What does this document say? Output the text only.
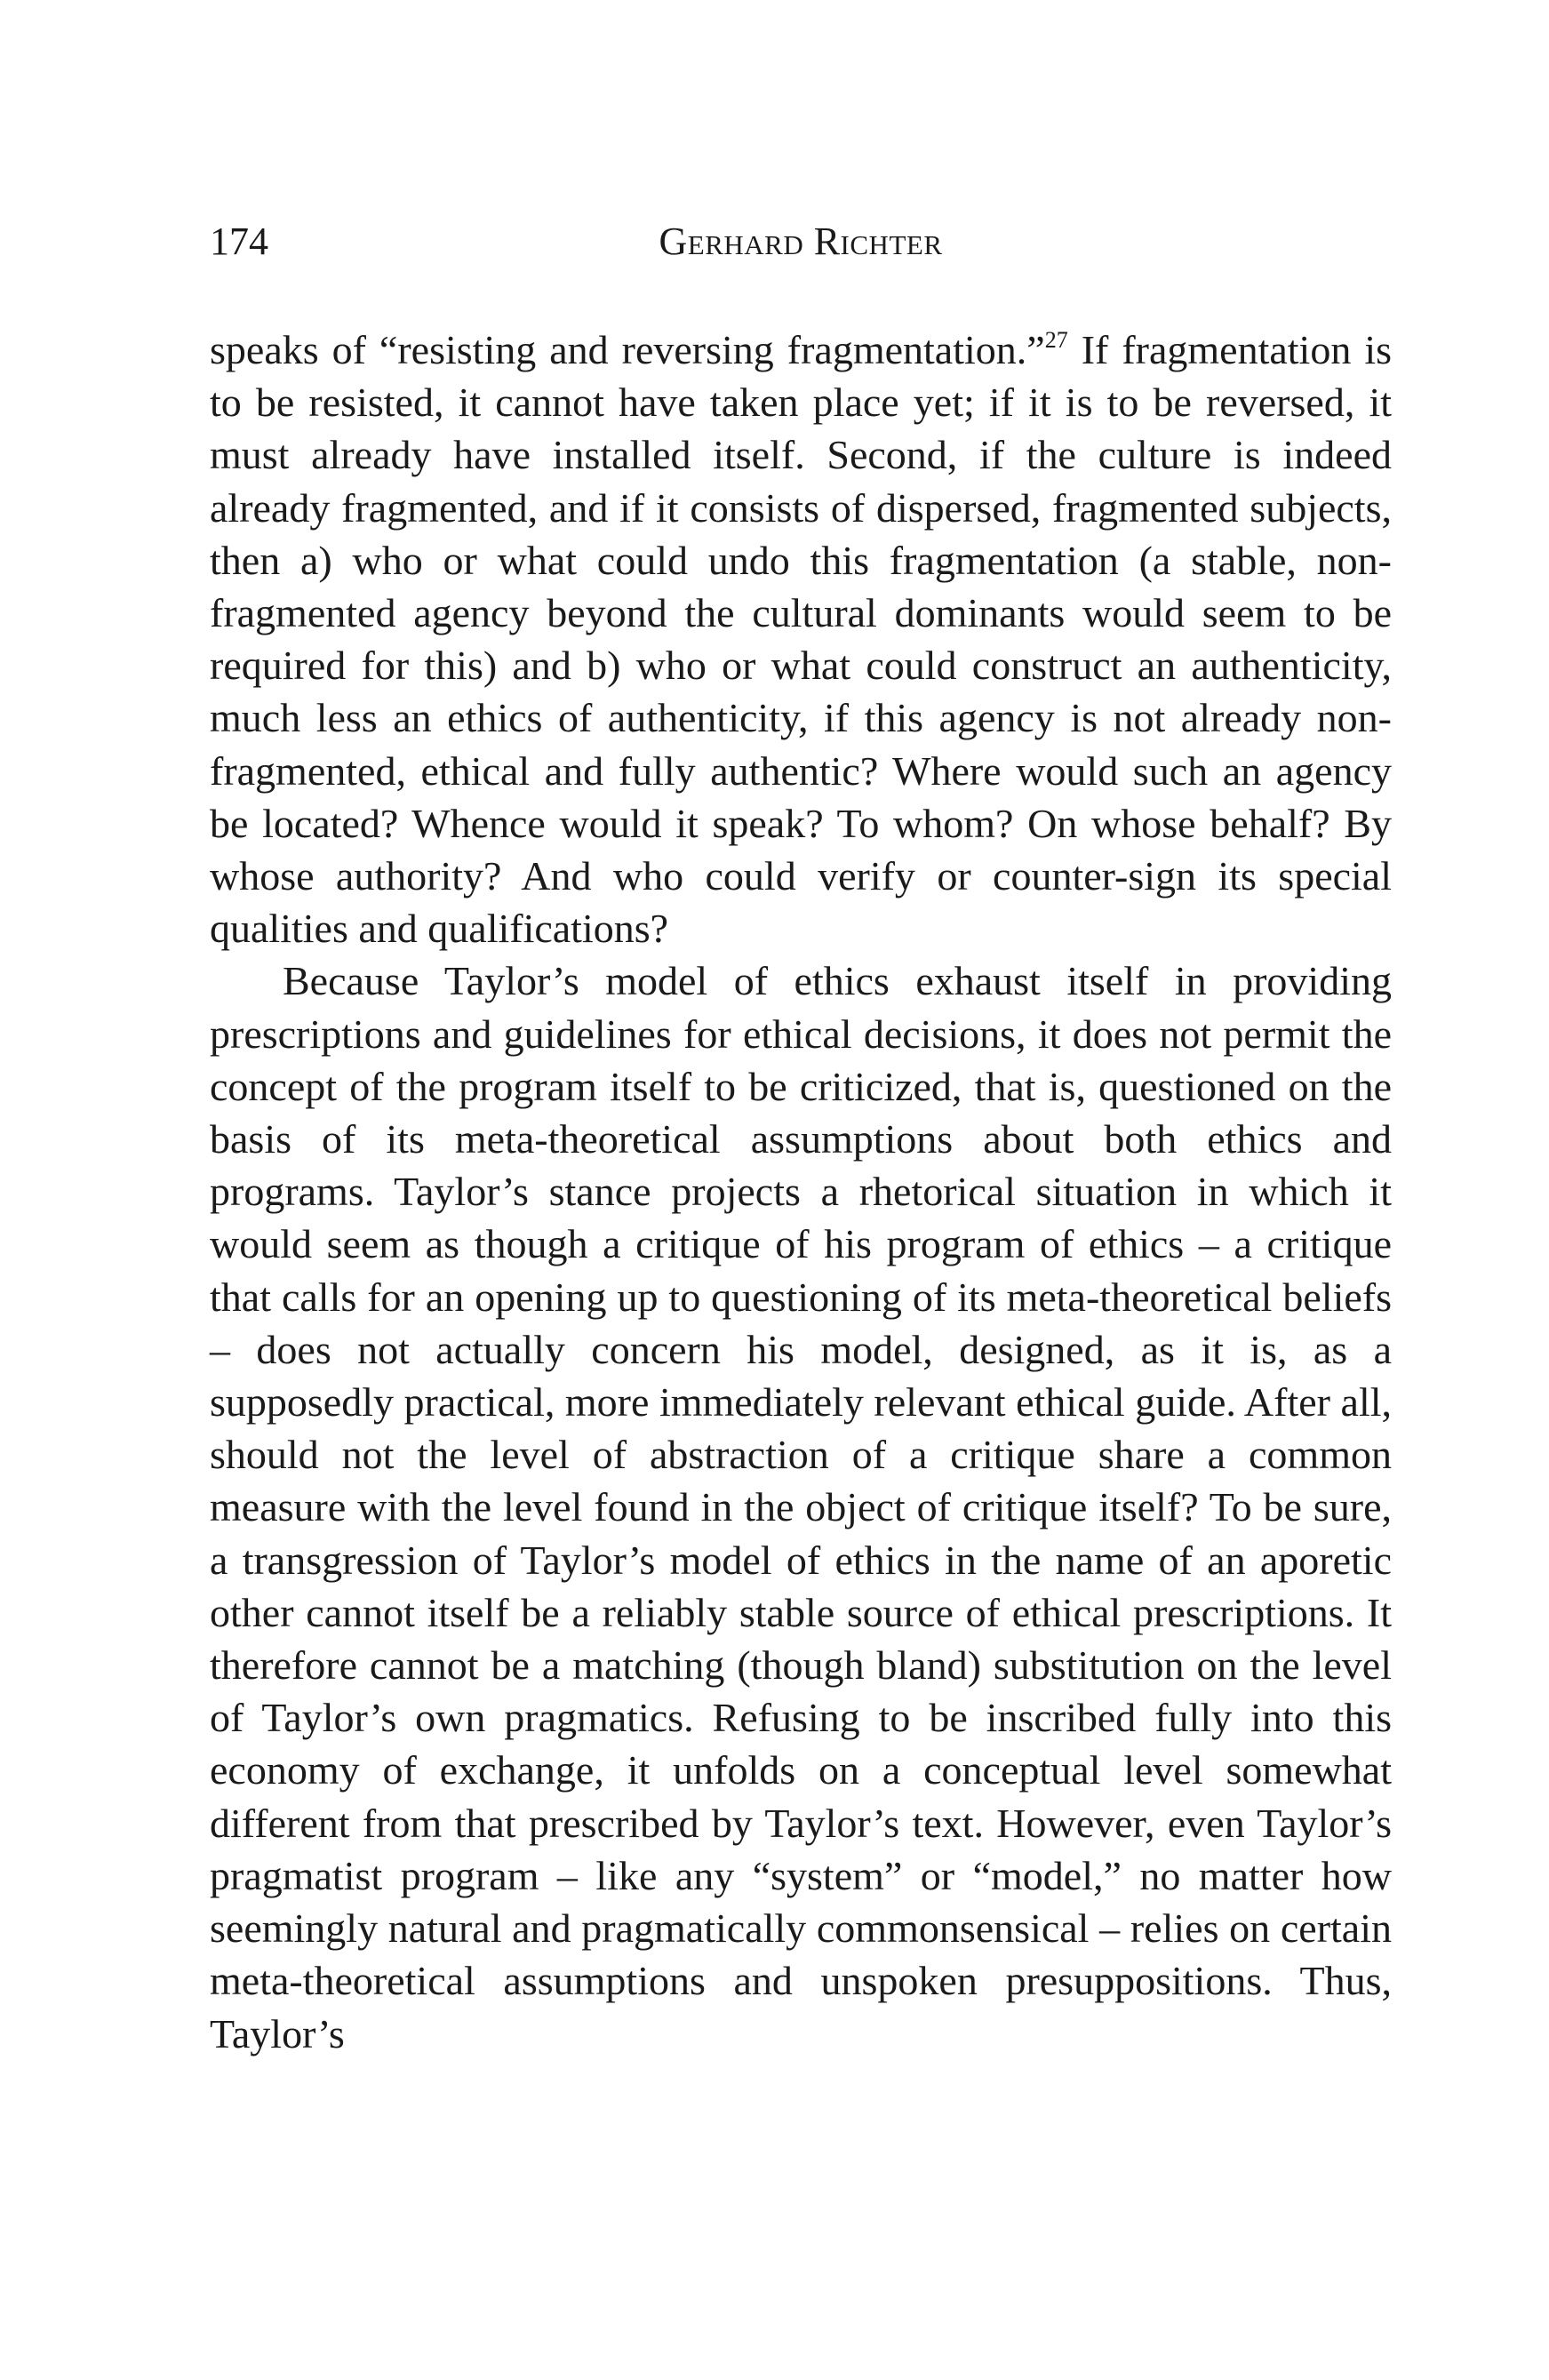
174	Gerhard Richter

speaks of “resisting and reversing fragmentation.”$^{27}$ If fragmentation is to be resisted, it cannot have taken place yet; if it is to be reversed, it must already have installed itself. Second, if the culture is indeed already fragmented, and if it consists of dispersed, fragmented subjects, then a) who or what could undo this fragmentation (a stable, non-fragmented agency beyond the cultural dominants would seem to be required for this) and b) who or what could construct an authenticity, much less an ethics of authenticity, if this agency is not already non-fragmented, ethical and fully authentic? Where would such an agency be located? Whence would it speak? To whom? On whose behalf? By whose authority? And who could verify or counter-sign its special qualities and qualifications?

Because Taylor’s model of ethics exhaust itself in providing prescriptions and guidelines for ethical decisions, it does not permit the concept of the program itself to be criticized, that is, questioned on the basis of its meta-theoretical assumptions about both ethics and programs. Taylor’s stance projects a rhetorical situation in which it would seem as though a critique of his program of ethics – a critique that calls for an opening up to questioning of its meta-theoretical beliefs – does not actually concern his model, designed, as it is, as a supposedly practical, more immediately relevant ethical guide. After all, should not the level of abstraction of a critique share a common measure with the level found in the object of critique itself? To be sure, a transgression of Taylor’s model of ethics in the name of an aporetic other cannot itself be a reliably stable source of ethical prescriptions. It therefore cannot be a matching (though bland) substitution on the level of Taylor’s own pragmatics. Refusing to be inscribed fully into this economy of exchange, it unfolds on a conceptual level somewhat different from that prescribed by Taylor’s text. However, even Taylor’s pragmatist program – like any “system” or “model,” no matter how seemingly natural and pragmatically commonsensical – relies on certain meta-theoretical assumptions and unspoken presuppositions. Thus, Taylor’s
